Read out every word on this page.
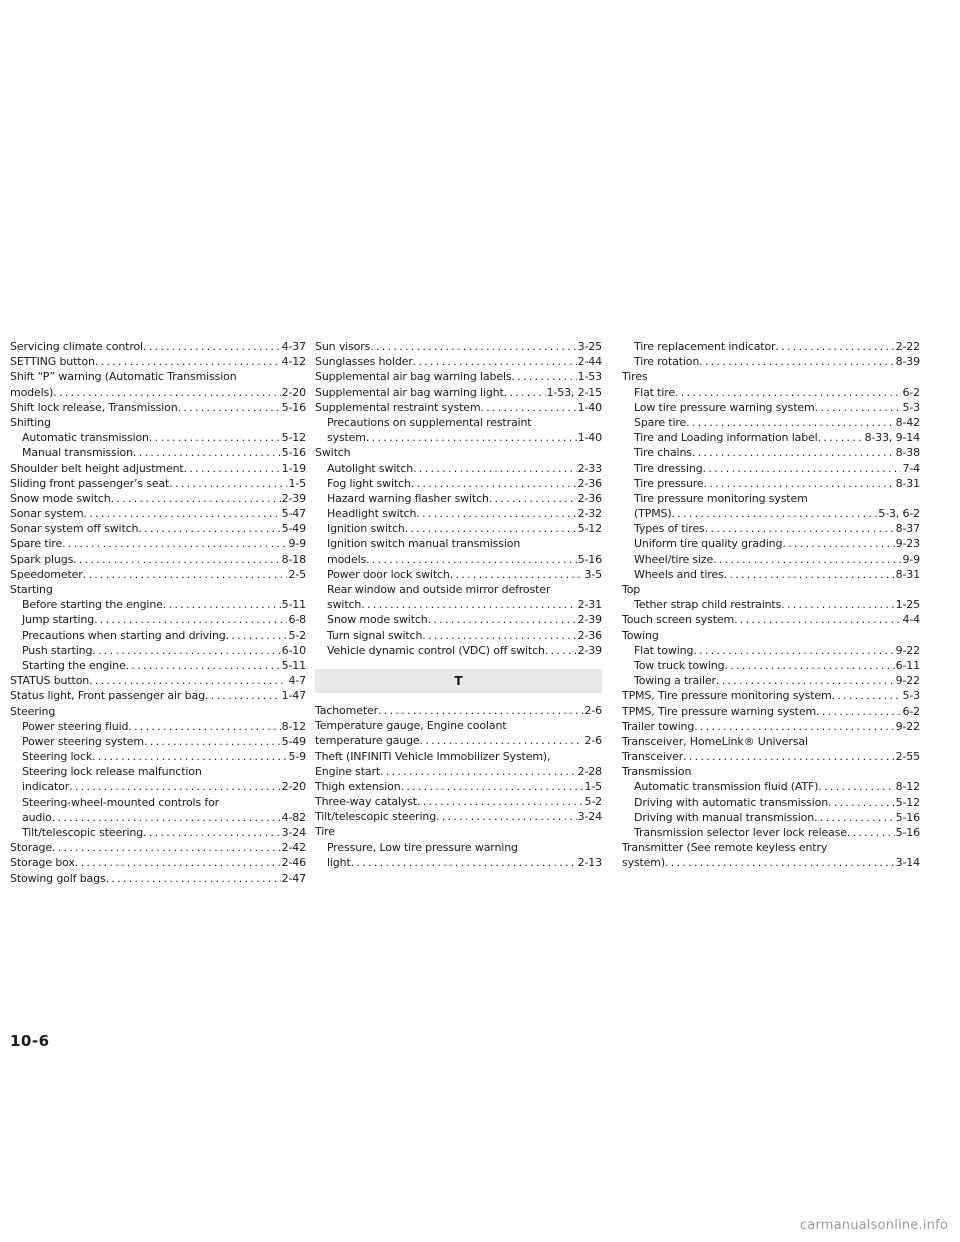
Servicing climate control . . .	4-37
SETTING button . . .	4-12
Shift “P” warning (Automatic Transmission
models) . . .	2-20
Shift lock release, Transmission . . .	5-16
Shifting
Automatic transmission . . .	5-12
Manual transmission . . .	5-16
Shoulder belt height adjustment . . .	1-19
Sliding front passenger’s seat . . .	1-5
Snow mode switch . . .	2-39
Sonar system . . .	5-47
Sonar system off switch . . .	5-49
Spare tire . . .	9-9
Spark plugs . . .	8-18
Speedometer . . .	2-5
Starting
Before starting the engine . . .	5-11
Jump starting . . .	6-8
Precautions when starting and driving . . .	5-2
Push starting . . .	6-10
Starting the engine . . .	5-11
STATUS button . . .	4-7
Status light, Front passenger air bag . . .	1-47
Steering
Power steering fluid . . .	8-12
Power steering system . . .	5-49
Steering lock . . .	5-9
Steering lock release malfunction
indicator . . .	2-20
Steering-wheel-mounted controls for
audio . . .	4-82
Tilt/telescopic steering . . .	3-24
Storage . . .	2-42
Storage box . . .	2-46
Stowing golf bags . . .	2-47
Sun visors . . .	3-25
Sunglasses holder . . .	2-44
Supplemental air bag warning labels . . .	1-53
Supplemental air bag warning light . . .	1-53, 2-15
Supplemental restraint system . . .	1-40
Precautions on supplemental restraint
system . . .	1-40
Switch
Autolight switch . . .	2-33
Fog light switch . . .	2-36
Hazard warning flasher switch . . .	2-36
Headlight switch . . .	2-32
Ignition switch . . .	5-12
Ignition switch manual transmission
models . . .	5-16
Power door lock switch . . .	3-5
Rear window and outside mirror defroster
switch . . .	2-31
Snow mode switch . . .	2-39
Turn signal switch . . .	2-36
Vehicle dynamic control (VDC) off switch . . .	2-39
T
Tachometer . . .	2-6
Temperature gauge, Engine coolant
temperature gauge . . .	2-6
Theft (INFINITI Vehicle Immobilizer System),
Engine start . . .	2-28
Thigh extension . . .	1-5
Three-way catalyst . . .	5-2
Tilt/telescopic steering . . .	3-24
Tire
Pressure, Low tire pressure warning
light . . .	2-13
Tire replacement indicator . . .	2-22
Tire rotation . . .	8-39
Tires
Flat tire . . .	6-2
Low tire pressure warning system . . .	5-3
Spare tire . . .	8-42
Tire and Loading information label . . .	8-33, 9-14
Tire chains . . .	8-38
Tire dressing . . .	7-4
Tire pressure . . .	8-31
Tire pressure monitoring system
(TPMS) . . .	5-3, 6-2
Types of tires . . .	8-37
Uniform tire quality grading . . .	9-23
Wheel/tire size . . .	9-9
Wheels and tires . . .	8-31
Top
Tether strap child restraints . . .	1-25
Touch screen system . . .	4-4
Towing
Flat towing . . .	9-22
Tow truck towing . . .	6-11
Towing a trailer . . .	9-22
TPMS, Tire pressure monitoring system . . .	5-3
TPMS, Tire pressure warning system . . .	6-2
Trailer towing . . .	9-22
Transceiver, HomeLink® Universal
Transceiver . . .	2-55
Transmission
Automatic transmission fluid (ATF) . . .	8-12
Driving with automatic transmission . . .	5-12
Driving with manual transmission . . .	5-16
Transmission selector lever lock release . . .	5-16
Transmitter (See remote keyless entry
system) . . .	3-14
10-6
carmanualsonline.info
